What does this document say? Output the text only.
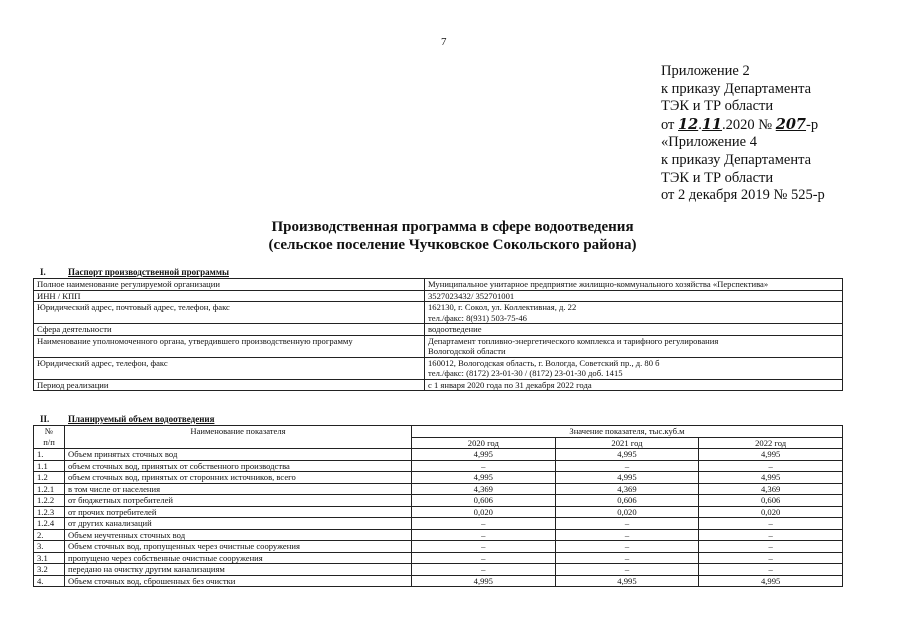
7
Приложение 2
к приказу Департамента
ТЭК и ТР области
от 12.11.2020 № 207-р
«Приложение 4
к приказу Департамента
ТЭК и ТР области
от 2 декабря 2019 № 525-р
Производственная программа в сфере водоотведения
(сельское поселение Чучковское Сокольского района)
I. Паспорт производственной программы
Полное наименование регулируемой организации	Муниципальное унитарное предприятие жилищно-коммунального хозяйства «Перспектива»
ИНН / КПП	3527023432/ 352701001
Юридический адрес, почтовый адрес, телефон, факс	162130, г. Сокол, ул. Коллективная, д. 22
тел./факс: 8(931) 503-75-46
Сфера деятельности	водоотведение
Наименование уполномоченного органа, утвердившего производственную программу	Департамент топливно-энергетического комплекса и тарифного регулирования
Вологодской области
Юридический адрес, телефон, факс	160012, Вологодская область, г. Вологда, Советский пр., д. 80 б
тел./факс: (8172) 23-01-30 / (8172) 23-01-30 доб. 1415
Период реализации	с 1 января 2020 года по 31 декабря 2022 года
II. Планируемый объем водоотведения
№
п/п	Наименование показателя	Значение показателя, тыс.куб.м		
		2020 год	2021 год	2022 год
1.	Объем принятых сточных вод	4,995	4,995	4,995
1.1	объем сточных вод, принятых от собственного производства	–	–	–
1.2	объем сточных вод, принятых от сторонних источников, всего	4,995	4,995	4,995
1.2.1	в том числе от населения	4,369	4,369	4,369
1.2.2	от бюджетных потребителей	0,606	0,606	0,606
1.2.3	от прочих потребителей	0,020	0,020	0,020
1.2.4	от других канализаций	–	–	–
2.	Объем неучтенных сточных вод	–	–	–
3.	Объем сточных вод, пропущенных через очистные сооружения	–	–	–
3.1	пропущено через собственные очистные сооружения	–	–	–
3.2	передано на очистку другим канализациям	–	–	–
4.	Объем сточных вод, сброшенных без очистки	4,995	4,995	4,995
